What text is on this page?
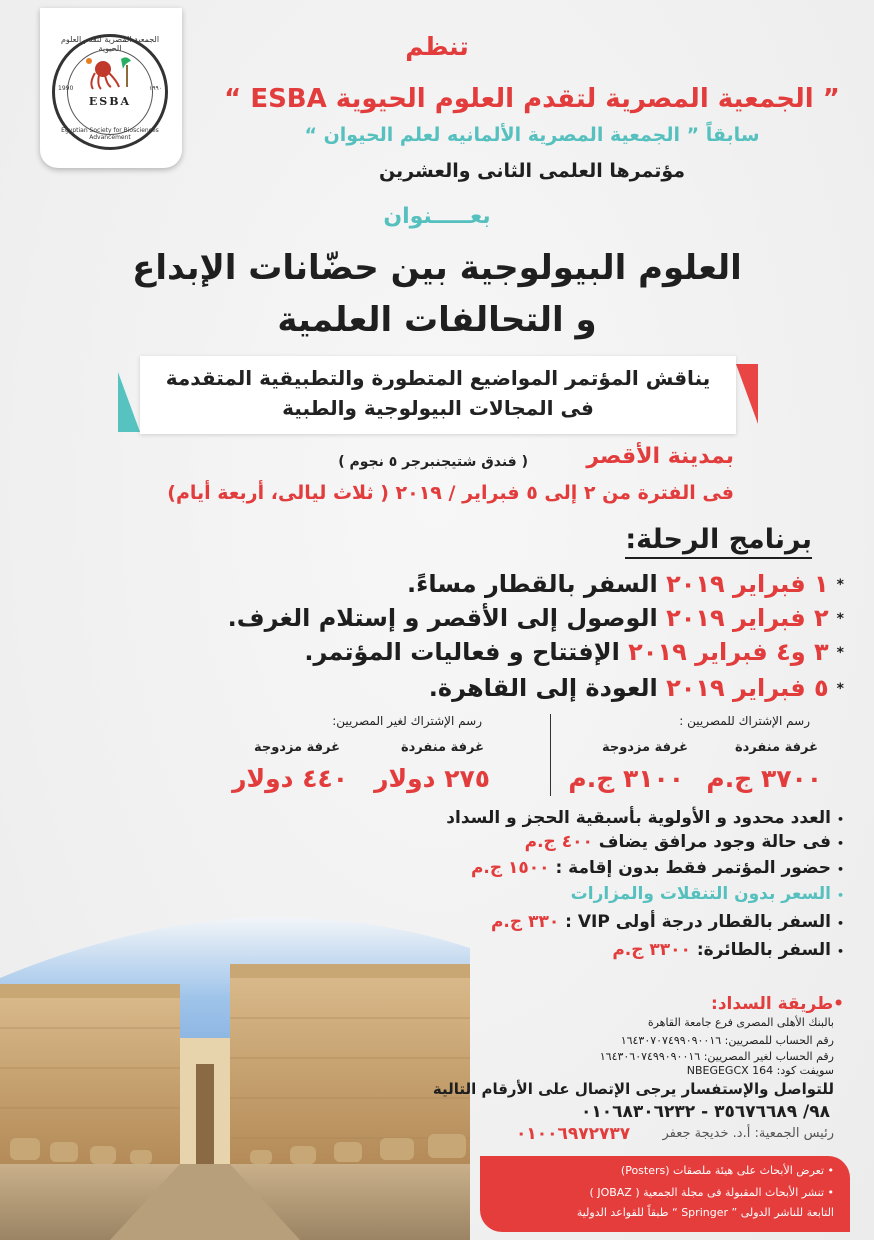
الجمعية المصرية لتقدم العلوم الحيوية
1990	١٩٩٠
ESBA
Egyptian Society for Biosciences Advancement
تنظم
” الجمعية المصرية لتقدم العلوم الحيوية ESBA “
سابقاً ” الجمعية المصرية الألمانيه لعلم الحيوان “
مؤتمرها العلمى الثانى والعشرين
بعـــــنوان
العلوم البيولوجية بين حضّانات الإبداع
و التحالفات العلمية
يناقش المؤتمر المواضيع المتطورة والتطبيقية المتقدمة
فى المجالات البيولوجية والطبية
بمدينة الأقصر
( فندق شتيجنبرجر ٥ نجوم )
فى الفترة من ٢ إلى ٥ فبراير / ٢٠١٩ ( ثلاث ليالى، أربعة أيام)
برنامج الرحلة:
*١ فبراير ٢٠١٩ السفر بالقطار مساءً.
*٢ فبراير ٢٠١٩ الوصول إلى الأقصر و إستلام الغرف.
*٣ و٤ فبراير ٢٠١٩ الإفتتاح و فعاليات المؤتمر.
*٥ فبراير ٢٠١٩ العودة إلى القاهرة.
رسم الإشتراك للمصريين :
غرفة منفردة
غرفة مزدوجة
٣٧٠٠ ج.م
٣١٠٠ ج.م
رسم الإشتراك لغير المصريين:
غرفة منفردة
غرفة مزدوجة
٢٧٥ دولار
٤٤٠ دولار
•العدد محدود و الأولوية بأسبقية الحجز و السداد
•فى حالة وجود مرافق يضاف ٤٠٠ ج.م
•حضور المؤتمر فقط بدون إقامة : ١٥٠٠ ج.م
•السعر بدون التنقلات والمزارات
•السفر بالقطار درجة أولى VIP : ٣٣٠ ج.م
•السفر بالطائرة: ٣٣٠٠ ج.م
•طريقة السداد:
بالبنك الأهلى المصرى فرع جامعة القاهرة
رقم الحساب للمصريين: ١٦٤٣٠٧٠٧٤٩٩٠٩٠٠١٦
رقم الحساب لغير المصريين: ١٦٤٣٠٦٠٧٤٩٩٠٩٠٠١٦
سويفت كود: NBEGEGCX 164
للتواصل والإستفسار يرجى الإتصال على الأرقام التالية
٩٨/ ٣٥٦٧٦٦٨٩ - ٠١٠٦٨٣٠٦٢٣٢
رئيس الجمعية: أ.د. خديجة جعفر
٠١٠٠٦٩٧٢٧٣٧
• تعرض الأبحاث على هيئة ملصقات (Posters)
• تنشر الأبحاث المقبولة فى مجلة الجمعية ( JOBAZ )
التابعة للناشر الدولى ” Springer “ طبقاً للقواعد الدولية
